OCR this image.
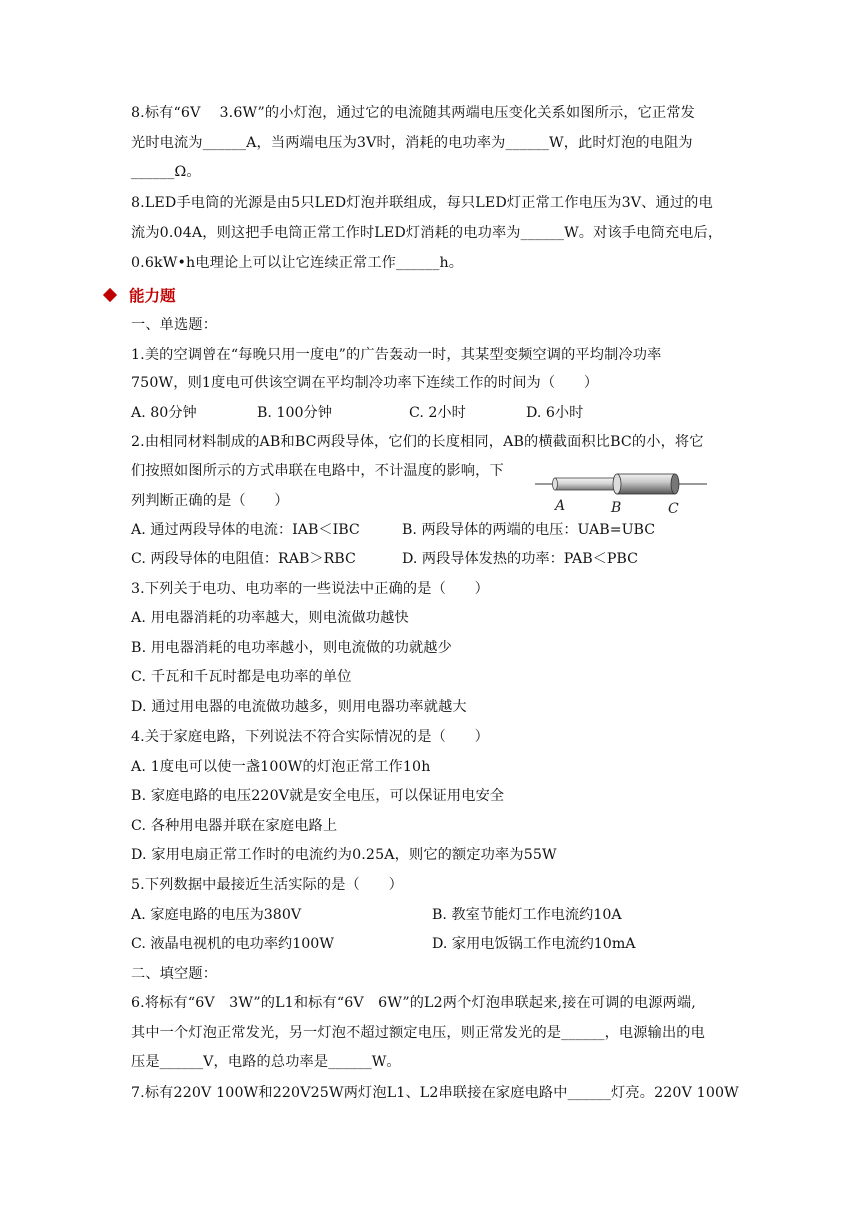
8.标有“6V　 3.6W”的小灯泡，通过它的电流随其两端电压变化关系如图所示，它正常发
光时电流为______A，当两端电压为3V时，消耗的电功率为______W，此时灯泡的电阻为
______Ω。
8.LED手电筒的光源是由5只LED灯泡并联组成，每只LED灯正常工作电压为3V、通过的电
流为0.04A，则这把手电筒正常工作时LED灯消耗的电功率为______W。对该手电筒充电后，
0.6kW•h电理论上可以让它连续正常工作______h。
能力题
一、单选题：
1.美的空调曾在“每晚只用一度电”的广告轰动一时，其某型变频空调的平均制冷功率
750W，则1度电可供该空调在平均制冷功率下连续工作的时间为（　　）
A. 80分钟	B. 100分钟	C. 2小时	D. 6小时
2.由相同材料制成的AB和BC两段导体，它们的长度相同，AB的横截面积比BC的小，将它
们按照如图所示的方式串联在电路中，不计温度的影响，下
列判断正确的是（　　）	A	B	C
A. 通过两段导体的电流：IAB＜IBC	B. 两段导体的两端的电压：UAB=UBC
C. 两段导体的电阻值：RAB＞RBC	D. 两段导体发热的功率：PAB＜PBC
3.下列关于电功、电功率的一些说法中正确的是（　　）
A. 用电器消耗的功率越大，则电流做功越快
B. 用电器消耗的电功率越小，则电流做的功就越少
C. 千瓦和千瓦时都是电功率的单位
D. 通过用电器的电流做功越多，则用电器功率就越大
4.关于家庭电路，下列说法不符合实际情况的是（　　）
A. 1度电可以使一盏100W的灯泡正常工作10h
B. 家庭电路的电压220V就是安全电压，可以保证用电安全
C. 各种用电器并联在家庭电路上
D. 家用电扇正常工作时的电流约为0.25A，则它的额定功率为55W
5.下列数据中最接近生活实际的是（　　）
A. 家庭电路的电压为380V	B. 教室节能灯工作电流约10A
C. 液晶电视机的电功率约100W	D. 家用电饭锅工作电流约10mA
二、填空题：
6.将标有“6V　3W”的L1和标有“6V　6W”的L2两个灯泡串联起来,接在可调的电源两端,
其中一个灯泡正常发光，另一灯泡不超过额定电压，则正常发光的是______，电源输出的电
压是______V，电路的总功率是______W。
7.标有220V 100W和220V25W两灯泡L1、L2串联接在家庭电路中______灯亮。220V 100W
